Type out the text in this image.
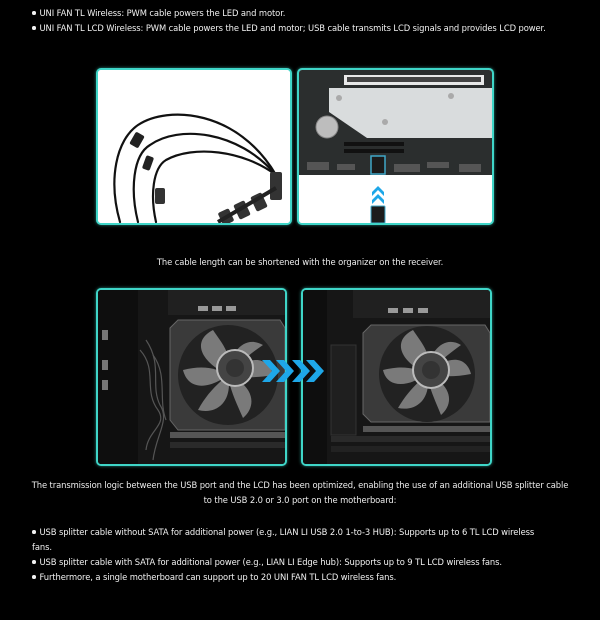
UNI FAN TL Wireless: PWM cable powers the LED and motor.
UNI FAN TL LCD Wireless: PWM cable powers the LED and motor; USB cable transmits LCD signals and provides LCD power.
The cable length can be shortened with the organizer on the receiver.
The transmission logic between the USB port and the LCD has been optimized, enabling the use of an additional USB splitter cable to the USB 2.0 or 3.0 port on the motherboard:
USB splitter cable without SATA for additional power (e.g., LIAN LI USB 2.0 1-to-3 HUB): Supports up to 6 TL LCD wireless fans.
USB splitter cable with SATA for additional power (e.g., LIAN LI Edge hub): Supports up to 9 TL LCD wireless fans.
Furthermore, a single motherboard can support up to 20 UNI FAN TL LCD wireless fans.
